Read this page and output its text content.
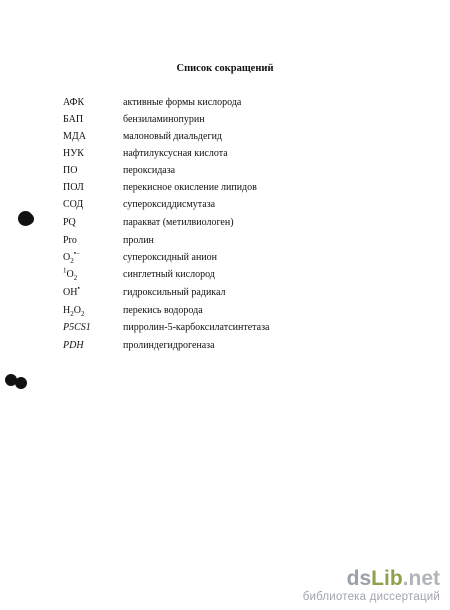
Список сокращений
АФК	активные формы кислорода
БАП	бензиламинопурин
МДА	малоновый диальдегид
НУК	нафтилуксусная кислота
ПО	пероксидаза
ПОЛ	перекисное окисление липидов
СОД	супероксиддисмутаза
PQ	паракват (метилвиологен)
Pro	пролин
$O_2^{•-}$	супероксидный анион
$^1O_2$	синглетный кислород
OH•	гидроксильный радикал
$H_2O_2$	перекись водорода
P5CS1	пирролин-5-карбоксилатсинтетаза
PDH	пролиндегидрогеназа
dsLib.net
библиотека диссертаций
